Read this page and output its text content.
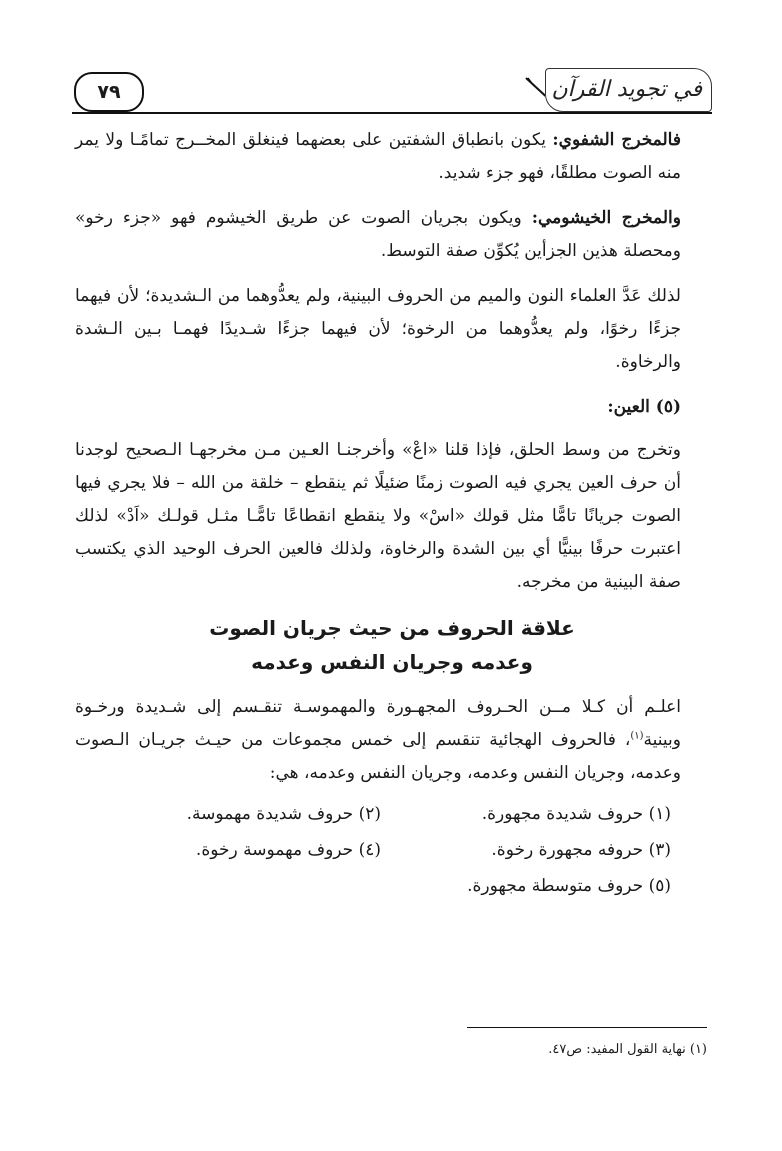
٧٩	في تجويد القرآن

فالمخرج الشفوي: يكون بانطباق الشفتين على بعضهما فينغلق المخــرج تمامًـا ولا يمر منه الصوت مطلقًا، فهو جزء شديد.

والمخرج الخيشومي: ويكون بجريان الصوت عن طريق الخيشوم فهو «جزء رخو» ومحصلة هذين الجزأين يُكوِّن صفة التوسط.

لذلك عَدَّ العلماء النون والميم من الحروف البينية، ولم يعدُّوهما من الـشديدة؛ لأن فيهما جزءًا رخوًا، ولم يعدُّوهما من الرخوة؛ لأن فيهما جزءًا شـديدًا فهمـا بـين الـشدة والرخاوة.

(٥) العين:

وتخرج من وسط الحلق، فإذا قلنا «اعْ» وأخرجنـا العـين مـن مخرجهـا الـصحيح لوجدنا أن حرف العين يجري فيه الصوت زمنًا ضئيلًا ثم ينقطع – خلقة من الله – فلا يجري فيها الصوت جريانًا تامًّا مثل قولك «اسْ» ولا ينقطع انقطاعًا تامًّـا مثـل قولـك «اَدْ» لذلك اعتبرت حرفًا بينيًّا أي بين الشدة والرخاوة، ولذلك فالعين الحرف الوحيد الذي يكتسب صفة البينية من مخرجه.

علاقة الحروف من حيث جريان الصوت
وعدمه وجريان النفس وعدمه

اعلـم أن كـلا مــن الحـروف المجهـورة والمهموسـة تنقـسم إلى شـديدة ورخـوة وبينية$^{(١)}$، فالحروف الهجائية تنقسم إلى خمس مجموعات من حيـث جريـان الـصوت وعدمه، وجريان النفس وعدمه، وجريان النفس وعدمه، هي:

(١) حروف شديدة مجهورة.
(٢) حروف شديدة مهموسة.
(٣) حروفه مجهورة رخوة.
(٤) حروف مهموسة رخوة.
(٥) حروف متوسطة مجهورة.
(١) نهاية القول المفيد: ص٤٧.
